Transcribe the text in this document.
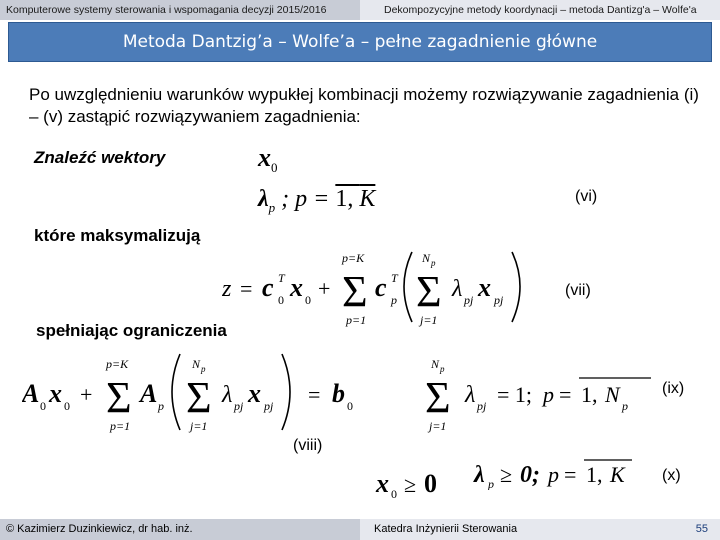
Komputerowe systemy sterowania i wspomagania decyzji 2015/2016	Dekompozycyjne metody koordynacji – metoda Dantizg'a – Wolfe'a
Metoda Dantzig’a – Wolfe’a – pełne zagadnienie główne
Po uwzględnieniu warunków wypukłej kombinacji możemy rozwiązywanie zagadnienia (i) – (v) zastąpić rozwiązywaniem zagadnienia:
Znaleźć wektory
które maksymalizują
spełniając ograniczenia
(vi)
(vii)
(viii)
(ix)
(x)
$x_0$
$\lambda_p$ ; p = 1, K
z = c T
0 x 0 +
p=K
Σ
p=1
c T
p
N p
Σ
j=1
λ pj x pj
A 0 x 0 +
p=K
Σ
p=1
A p
N p
Σ
j=1
λ pj x pj = b 0
N p
Σ
j=1
λ pj = 1; p = 1, N p
x 0 ≥ 0 λ p ≥ 0; p = 1, K
© Kazimierz Duzinkiewicz, dr hab. inż.	Katedra Inżynierii Sterowania	55
